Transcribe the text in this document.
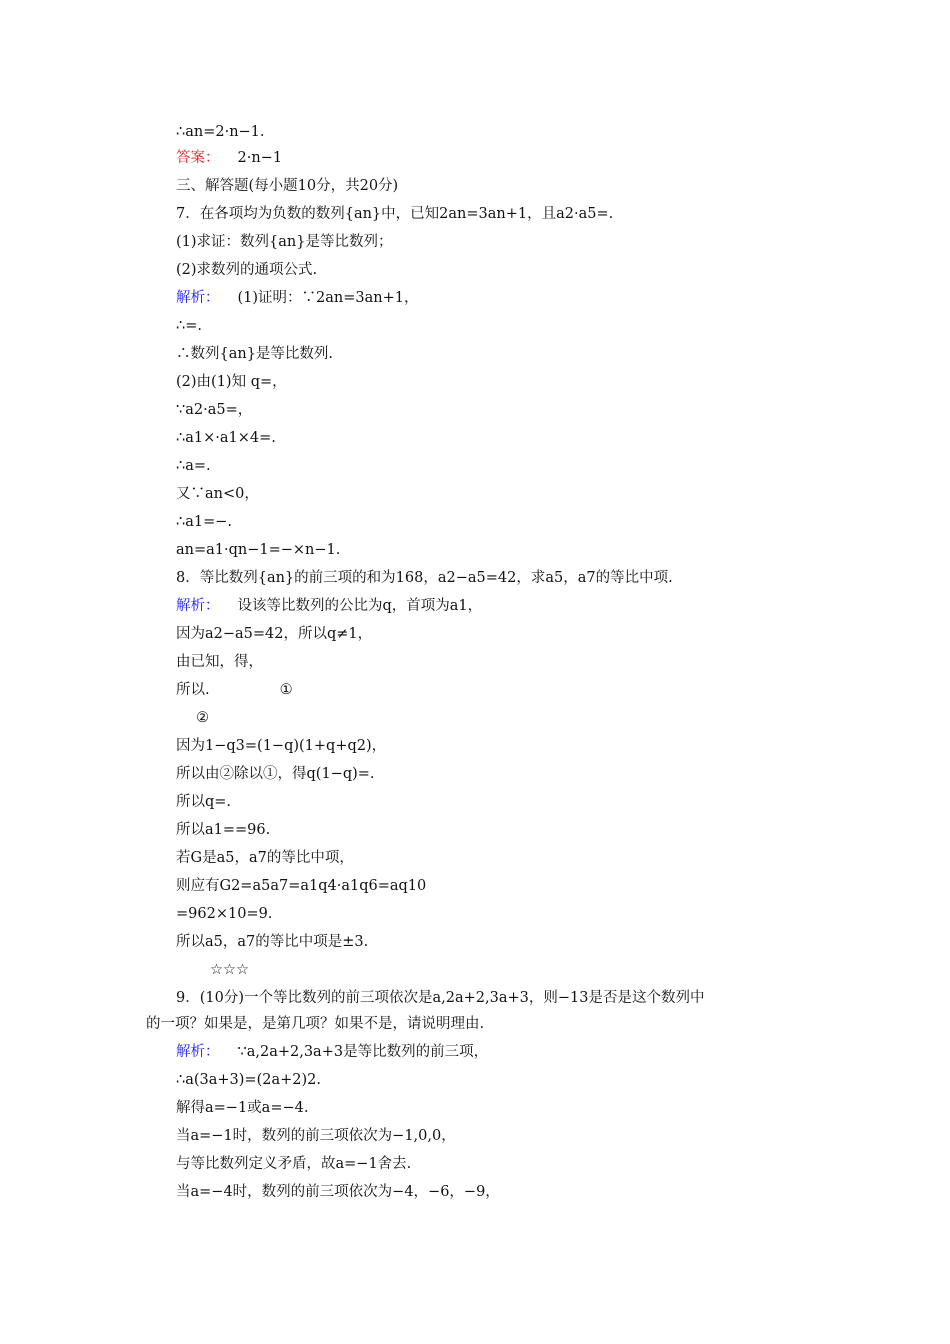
∴an=2·n−1.
答案： 2·n−1
三、解答题(每小题10分，共20分)
7．在各项均为负数的数列{an}中，已知2an=3an+1，且a2·a5=.
(1)求证：数列{an}是等比数列；
(2)求数列的通项公式.
解析： (1)证明：∵2an=3an+1，
∴=.
∴数列{an}是等比数列.
(2)由(1)知 q=，
∵a2·a5=，
∴a1×·a1×4=.
∴a=.
又∵an<0，
∴a1=−.
an=a1·qn−1=−×n−1.
8．等比数列{an}的前三项的和为168，a2−a5=42，求a5，a7的等比中项.
解析： 设该等比数列的公比为q，首项为a1，
因为a2−a5=42，所以q≠1，
由已知，得，
所以.	①
②
因为1−q3=(1−q)(1+q+q2)，
所以由②除以①，得q(1−q)=.
所以q=.
所以a1==96.
若G是a5，a7的等比中项，
则应有G2=a5a7=a1q4·a1q6=aq10
=962×10=9.
所以a5，a7的等比中项是±3.
☆☆☆
9．(10分)一个等比数列的前三项依次是a,2a+2,3a+3，则−13是否是这个数列中
的一项？如果是，是第几项？如果不是，请说明理由.
解析： ∵a,2a+2,3a+3是等比数列的前三项，
∴a(3a+3)=(2a+2)2.
解得a=−1或a=−4.
当a=−1时，数列的前三项依次为−1,0,0，
与等比数列定义矛盾，故a=−1舍去.
当a=−4时，数列的前三项依次为−4，−6，−9，
